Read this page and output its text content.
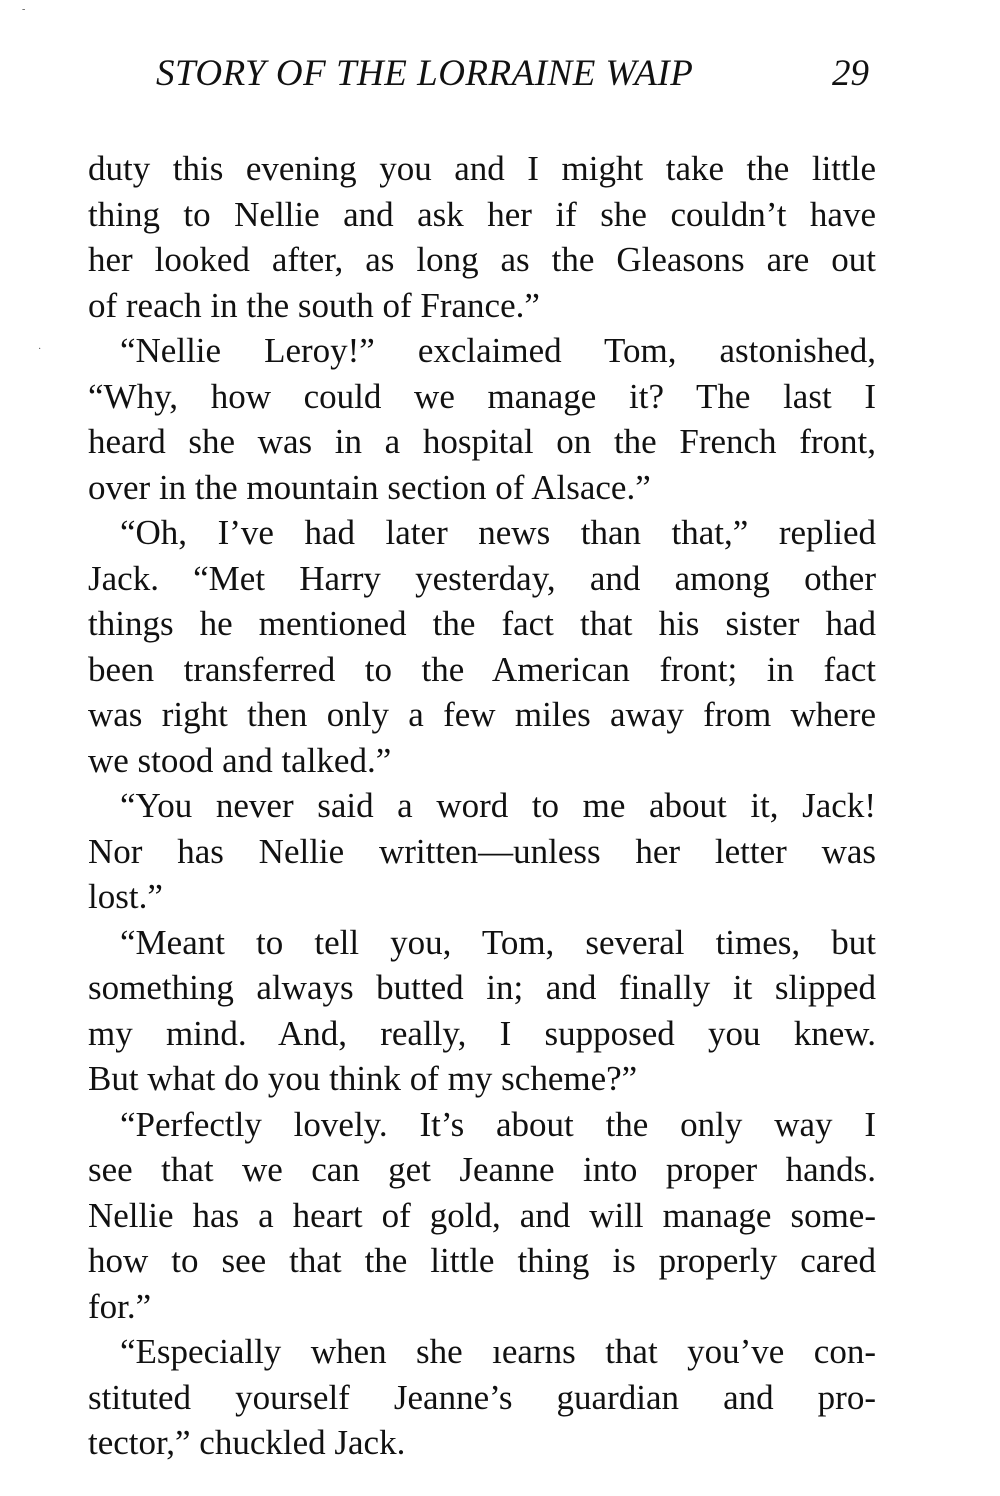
-
·
STORY OF THE LORRAINE WAIP	29
duty this evening you and I might take the little
thing to Nellie and ask her if she couldn’t have
her looked after, as long as the Gleasons are out
of reach in the south of France.”
“Nellie Leroy!” exclaimed Tom, astonished,
“Why, how could we manage it? The last I
heard she was in a hospital on the French front,
over in the mountain section of Alsace.”
“Oh, I’ve had later news than that,” replied
Jack. “Met Harry yesterday, and among other
things he mentioned the fact that his sister had
been transferred to the American front; in fact
was right then only a few miles away from where
we stood and talked.”
“You never said a word to me about it, Jack!
Nor has Nellie written—unless her letter was
lost.”
“Meant to tell you, Tom, several times, but
something always butted in; and finally it slipped
my mind. And, really, I supposed you knew.
But what do you think of my scheme?”
“Perfectly lovely. It’s about the only way I
see that we can get Jeanne into proper hands.
Nellie has a heart of gold, and will manage some-
how to see that the little thing is properly cared
for.”
“Especially when she ıearns that you’ve con-
stituted yourself Jeanne’s guardian and pro-
tector,” chuckled Jack.
